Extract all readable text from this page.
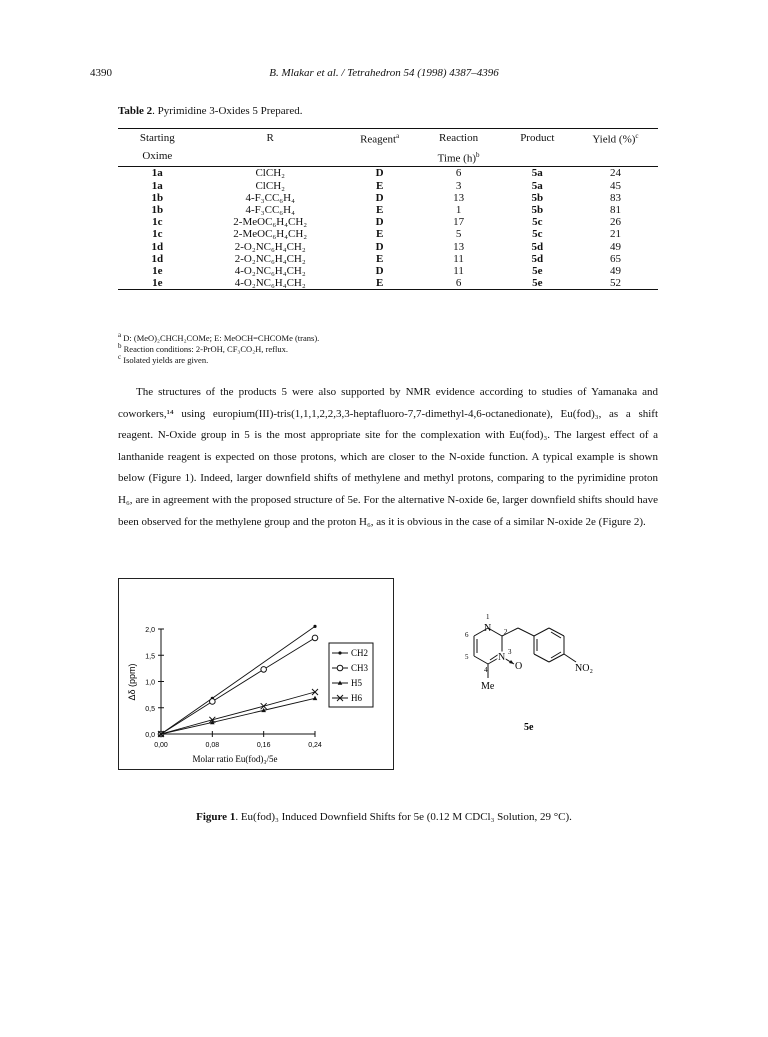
4390	B. Mlakar et al. / Tetrahedron 54 (1998) 4387–4396
Table 2. Pyrimidine 3-Oxides 5 Prepared.
Starting	R	Reagent$^a$	Reaction	Product	Yield (%)$^c$
Oxime			Time $(h)^b$		
1a	ClCH₂	D	6	5a	24
1a	ClCH₂	E	3	5a	45
1b	4-F₃CC₆H₄	D	13	5b	83
1b	4-F₃CC₆H₄	E	1	5b	81
1c	2-MeOC₆H₄CH₂	D	17	5c	26
1c	2-MeOC₆H₄CH₂	E	5	5c	21
1d	2-O₂NC₆H₄CH₂	D	13	5d	49
1d	2-O₂NC₆H₄CH₂	E	11	5d	65
1e	4-O₂NC₆H₄CH₂	D	11	5e	49
1e	4-O₂NC₆H₄CH₂	E	6	5e	52
$^a$ D: (MeO)₂CHCH₂COMe; E: MeOCH=CHCOMe (trans).
$^b$ Reaction conditions: 2-PrOH, CF₃CO₂H, reflux.
$^c$ Isolated yields are given.

The structures of the products 5 were also supported by NMR evidence according to studies of Yamanaka and coworkers,¹⁴ using europium(III)-tris(1,1,1,2,2,3,3-heptafluoro-7,7-dimethyl-4,6-octanedionate), Eu(fod)₃, as a shift reagent. N-Oxide group in 5 is the most appropriate site for the complexation with Eu(fod)₃. The largest effect of a lanthanide reagent is expected on those protons, which are closer to the N-oxide function. A typical example is shown below (Figure 1). Indeed, larger downfield shifts of methylene and methyl protons, comparing to the pyrimidine proton H₆, are in agreement with the proposed structure of 5e. For the alternative N-oxide 6e, larger downfield shifts should have been observed for the methylene group and the proton H₆, as it is obvious in the case of a similar N-oxide 2e (Figure 2).

0,0
0,5
1,0
1,5
2,0
0,00	0,08	0,16	0,24
Δδ (ppm)
Molar ratio Eu(fod)₃/5e
CH2
CH3
H5
H6
N
N
O	NO₂
Me
1
2
3
4
5
6
5e
Figure 1. Eu(fod)₃ Induced Downfield Shifts for 5e (0.12 M CDCl₃ Solution, 29 °C).
